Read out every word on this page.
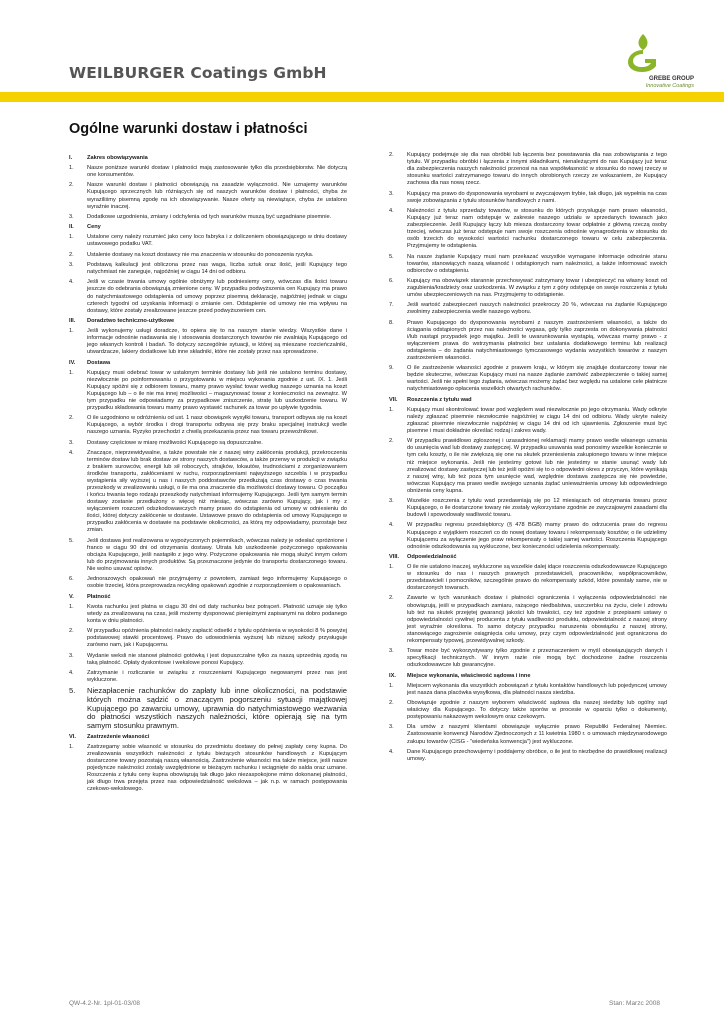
WEILBURGER Coatings GmbH	GREBE GROUP
Innovative Coatings
Ogólne warunki dostaw i płatności
I.	Zakres obowiązywania
1.	Nasze poniższe warunki dostaw i płatności mają zastosowanie tylko dla przedsiębiorstw. Nie dotyczą one konsumentów.
2.	Nasze warunki dostaw i płatności obowiązują na zasadzie wyłączności. Nie uznajemy warunków Kupującego sprzecznych lub różniących się od naszych warunków dostaw i płatności, chyba że wyraziliśmy pisemną zgodę na ich obowiązywanie. Nasze oferty są niewiążące, chyba że ustalono wyraźnie inaczej.
3.	Dodatkowe uzgodnienia, zmiany i odchylenia od tych warunków muszą być uzgadniane pisemnie.
II.	Ceny
1.	Ustalone ceny należy rozumieć jako ceny loco fabryka i z doliczeniem obowiązującego w dniu dostawy ustawowego podatku VAT.
2.	Ustalenie dostawy na koszt dostawcy nie ma znaczenia w stosunku do ponoszenia ryzyka.
3.	Podstawą kalkulacji jest obliczona przez nas waga, liczba sztuk oraz ilość, jeśli Kupujący tego natychmiast nie zaneguje, najpóźniej w ciągu 14 dni od odbioru.
4.	Jeśli w czasie trwania umowy ogólnie obniżymy lub podniesiemy ceny, wówczas dla ilości towaru jeszcze do odebrania obowiązują zmienione ceny. W przypadku podwyższenia cen Kupujący ma prawo do natychmiastowego odstąpienia od umowy poprzez pisemną deklarację, najpóźniej jednak w ciągu czterech tygodni od uzyskania informacji o zmianie cen. Odstąpienie od umowy nie ma wpływu na dostawy, które zostały zrealizowane jeszcze przed podwyższeniem cen.
III.	Doradztwo techniczno-użytkowe
1.	Jeśli wykonujemy usługi doradcze, to opiera się to na naszym stanie wiedzy. Wszystkie dane i informacje odnośnie nadawania się i stosowania dostarczonych towarów nie zwalniają Kupującego od jego własnych kontroli i badań. To dotyczy szczególnie sytuacji, w której są mieszane rozcieńczalniki, utwardzacze, lakiery dodatkowe lub inne składniki, które nie zostały przez nas sprowadzone.
IV.	Dostawa
1.	Kupujący musi odebrać towar w ustalonym terminie dostawy lub jeśli nie ustalono terminu dostawy, niezwłocznie po poinformowaniu o przygotowaniu w miejscu wykonania zgodnie z ust. IX. 1. Jeśli Kupujący spóźni się z odbiorem towaru, mamy prawo wysłać towar według naszego uznania na koszt Kupującego lub – o ile nie ma innej możliwości – magazynować towar z konieczności na zewnątrz. W tym przypadku nie odpowiadamy za przypadkowe zniszczenie, stratę lub uszkodzenie towaru. W przypadku składowania towaru mamy prawo wystawić rachunek za towar po upływie tygodnia.
2.	O ile uzgodniono w odróżnieniu od ust. 1 nasz obowiązek wysyłki towaru, transport odbywa się na koszt Kupującego, a wybór środka i drogi transportu odbywa się przy braku specjalnej instrukcji wedle naszego uznania. Ryzyko przechodzi z chwilą przekazania przez nas towaru przewoźnikowi.
3.	Dostawy częściowe w miarę możliwości Kupującego są dopuszczalne.
4.	Znaczące, nieprzewidywalne, a także powstałe nie z naszej winy zakłócenia produkcji, przekroczenia terminów dostaw lub brak dostaw ze strony naszych dostawców, a także przerwy w produkcji w związku z brakiem surowców, energii lub sił roboczych, strajków, lokautów, trudnościami z zorganizowaniem środków transportu, zakłóceniami w ruchu, rozporządzeniami najwyższego szczebla i w przypadku wystąpienia siły wyższej u nas i naszych poddostawców przedłużają czas dostawy o czas trwania przeszkody w zrealizowaniu usługi, o ile ma ona znaczenie dla możliwości dostawy towaru. O początku i końcu trwania tego rodzaju przeszkody natychmiast informujemy Kupującego. Jeśli tym samym termin dostawy zostanie przedłużony o więcej niż miesiąc, wówczas zarówno Kupujący, jak i my z wyłączeniem roszczeń odszkodowawczych mamy prawo do odstąpienia od umowy w odniesieniu do ilości, której dotyczy zakłócenie w dostawie. Ustawowe prawo do odstąpienia od umowy Kupującego w przypadku zakłócenia w dostawie na podstawie okoliczności, za którą my odpowiadamy, pozostaje bez zmian.
5.	Jeśli dostawa jest realizowana w wypożyczonych pojemnikach, wówczas należy je odesłać opróżnione i franco w ciągu 90 dni od otrzymania dostawy. Utrata lub uszkodzenie pożyczonego opakowania obciąża Kupującego, jeśli nastąpiło z jego winy. Pożyczone opakowania nie mogą służyć innym celom lub do przyjmowania innych produktów. Są przeznaczone jedynie do transportu dostarczonego towaru. Nie wolno usuwać opisów.
6.	Jednorazowych opakowań nie przyjmujemy z powrotem, zamiast tego informujemy Kupującego o osobie trzeciej, która przeprowadza recykling opakowań zgodnie z rozporządzeniem o opakowaniach.
V.	Płatność
1.	Kwota rachunku jest płatna w ciągu 30 dni od daty rachunku bez potrąceń. Płatność uznaje się tylko wtedy za zrealizowaną na czas, jeśli możemy dysponować pieniężnymi zapisanymi na dobro podanego konta w dniu płatności.
2.	W przypadku opóźnienia płatności należy zapłacić odsetki z tytułu opóźnienia w wysokości 8 % powyżej podstawowej stawki procentowej. Prawo do udowodnienia wyższej lub niższej szkody przysługuje zarówno nam, jak i Kupującemu.
3.	Wydanie weksli nie stanowi płatności gotówką i jest dopuszczalne tylko za naszą uprzednią zgodą na taką płatność. Opłaty dyskontowe i wekslowe ponosi Kupujący.
4.	Zatrzymanie i rozliczanie w związku z roszczeniami Kupującego negowanymi przez nas jest wykluczone.
5.	Niezapłacenie rachunków do zapłaty lub inne okoliczności, na podstawie których można sądzić o znaczącym pogorszeniu sytuacji majątkowej Kupującego po zawarciu umowy, uprawnia do natychmiastowego wezwania do płatności wszystkich naszych należności, które opierają się na tym samym stosunku prawnym.
VI.	Zastrzeżenie własności
1.	Zastrzegamy sobie własność w stosunku do przedmiotu dostawy do pełnej zapłaty ceny kupna. Do zrealizowania wszystkich należności z tytułu bieżących stosunków handlowych z Kupującym dostarczone towary pozostają naszą własnością. Zastrzeżenie własności ma także miejsce, jeśli nasze pojedyncze należności zostały uwzględnione w bieżącym rachunku i wciągnięte do salda oraz uznane. Roszczenia z tytułu ceny kupna obowiązują tak długo jako niezaspokojone mimo dokonanej płatności, jak długo trwa przejęta przez nas odpowiedzialność wekslowa – jak n.p. w ramach postępowania czekowo-wekslowego.
2.	Kupujący podejmuje się dla nas obróbki lub łączenia bez powstawania dla nas zobowiązania z tego tytułu. W przypadku obróbki i łączenia z innymi składnikami, nienależącymi do nas Kupujący już teraz dla zabezpieczenia naszych należności przenosi na nas współwłasność w stosunku do nowej rzeczy w stosunku wartości zatrzymanego towaru do innych obrobionych rzeczy ze wskazaniem, że Kupujący zachowa dla nas nową rzecz.
3.	Kupujący ma prawo do dysponowania wyrobami w zwyczajowym trybie, tak długo, jak wypełnia na czas swoje zobowiązania z tytułu stosunków handlowych z nami.
4.	Należności z tytułu sprzedaży towarów, w stosunku do których przysługuje nam prawo własności, Kupujący już teraz nam odstępuje w zakresie naszego udziału w sprzedanych towarach jako zabezpieczenie. Jeśli Kupujący łączy lub miesza dostarczony towar odpłatnie z główną rzeczą osoby trzeciej, wówczas już teraz odstępuje nam swoje roszczenia odnośnie wynagrodzenia w stosunku do osób trzecich do wysokości wartości rachunku dostarczonego towaru w celu zabezpieczenia. Przyjmujemy te odstąpienia.
5.	Na nasze żądanie Kupujący musi nam przekazać wszystkie wymagane informacje odnośnie stanu towarów, stanowiących naszą własność i odstąpionych nam należności, a także informować swoich odbiorców o odstąpieniu.
6.	Kupujący ma obowiązek starannie przechowywać zatrzymany towar i ubezpieczyć na własny koszt od zagubienia/kradzieży oraz uszkodzenia. W związku z tym z góry odstępuje on swoje roszczenia z tytułu umów ubezpieczeniowych na nas. Przyjmujemy to odstąpienie.
7.	Jeśli wartość zabezpieczeń naszych należności przekroczy 20 %, wówczas na żądanie Kupującego zwolnimy zabezpieczenia wedle naszego wyboru.
8.	Prawo Kupującego do dysponowania wyrobami z naszym zastrzeżeniem własności, a także do ściągania odstąpionych przez nas należności wygasa, gdy tylko zaprzesta on dokonywania płatności i/lub nastąpi przypadek jego majątku. Jeśli te uwarunkowania wystąpią, wówczas mamy prawo - z wyłączeniem prawa do wstrzymania płatności bez ustalania dodatkowego terminu lub realizacji odstąpienia – do żądania natychmiastowego tymczasowego wydania wszystkich towarów z naszym zastrzeżeniem własności.
9.	O ile zastrzeżenie własności zgodnie z prawem kraju, w którym się znajduje dostarczony towar nie będzie skuteczne, wówczas Kupujący musi na nasze żądanie zamówić zabezpieczenie o takiej samej wartości. Jeśli nie spełni tego żądania, wówczas możemy żądać bez względu na ustalone cele płatnicze natychmiastowego opłacenia wszelkich otwartych rachunków.
VII.	Roszczenia z tytułu wad
1.	Kupujący musi skontrolować towar pod względem wad niezwłocznie po jego otrzymaniu. Wady odkryte należy zgłaszać pisemnie niezwłocznie najpóźniej w ciągu 14 dni od odbioru. Wady ukryte należy zgłaszać pisemnie niezwłocznie najpóźniej w ciągu 14 dni od ich ujawnienia. Zgłoszenie musi być pisemne i musi dokładnie określać rodzaj i zakres wady.
2.	W przypadku prawidłowo zgłoszonej i uzasadnionej reklamacji mamy prawo wedle własnego uznania do usunięcia wad lub dostawy zastępczej. W przypadku usuwania wad ponosimy wszelkie koniecznie w tym celu koszty, o ile nie zwiększą się one na skutek przeniesienia zakupionego towaru w inne miejsce niż miejsce wykonania. Jeśli nie jesteśmy gotowi lub nie jesteśmy w stanie usunąć wady lub zrealizować dostawy zastępczej lub też jeśli opóźni się to o odpowiedni okres z przyczyn, które wynikają z naszej winy, lub też poza tym usunięcie wad, względnie dostawa zastępcza się nie powiedzie, wówczas Kupujący ma prawo wedle swojego uznania żądać unieważnienia umowy lub odpowiedniego obniżenia ceny kupna.
3.	Wszelkie roszczenia z tytułu wad przedawniają się po 12 miesiącach od otrzymania towaru przez Kupującego, o ile dostarczone towary nie zostały wykorzystane zgodnie ze zwyczajowymi zasadami dla budowli i spowodowały wadliwość towaru.
4.	W przypadku regresu przedsiębiorcy (§ 478 BGB) mamy prawo do odrzucenia praw do regresu Kupującego z wyjątkiem roszczeń co do nowej dostawy towaru i rekompensaty kosztów; o ile udzielimy Kupującemu za wyłączenie jego praw rekompensaty o takiej samej wartości. Roszczenia Kupującego odnośnie odszkodowania są wykluczone, bez konieczności udzielenia rekompensaty.
VIII.	Odpowiedzialność
1.	O ile nie ustalono inaczej, wykluczone są wszelkie dalej idące roszczenia odszkodowawcze Kupującego w stosunku do nas i naszych prawnych przedstawicieli, pracowników, współpracowników, przedstawicieli i pomocników, szczególnie prawo do rekompensaty szkód, które powstały same, nie w dostarczonych towarach.
2.	Zawarte w tych warunkach dostaw i płatności ograniczenia i wyłączenia odpowiedzialności nie obowiązują, jeśli w przypadkach zamiaru, rażącego niedbalstwa, uszczerbku na życiu, ciele i zdrowiu lub też na skutek przejętej gwarancji jakości lub trwałości, czy też zgodnie z przepisami ustawy o odpowiedzialności cywilnej producenta z tytułu wadliwości produktu, odpowiedzialność z naszej strony jest wyraźnie określona. To samo dotyczy przypadku naruszenia obowiązku z naszej strony, stanowiącego zagrożenie osiągnięcia celu umowy, przy czym odpowiedzialność jest ograniczona do rekompensaty typowej, przewidywalnej szkody.
3.	Towar może być wykorzystywany tylko zgodnie z przeznaczeniem w myśl obowiązujących danych i specyfikacji technicznych. W innym razie nie mogą być dochodzone żadne roszczenia odszkodowawcze lub gwarancyjne.
IX.	Miejsce wykonania, właściwość sądowa i inne
1.	Miejscem wykonania dla wszystkich zobowiązań z tytułu kontaktów handlowych lub pojedynczej umowy jest nasza dana placówka wysyłkowa, dla płatności nasza siedziba.
2.	Obowiązuje zgodnie z naszym wyborem właściwość sądowa dla naszej siedziby lub ogólny sąd właściwy dla Kupującego. To dotyczy także sporów w procesie w oparciu tylko o dokumenty, postępowaniu nakazowym wekslowym oraz czekowym.
3.	Dla umów z naszymi klientami obowiązuje wyłącznie prawo Republiki Federalnej Niemiec. Zastosowanie konwencji Narodów Zjednoczonych z 11 kwietnia 1980 r. o umowach międzynarodowego zakupu towarów (CISG - "wiedeńska konwencja") jest wykluczone.
4.	Dane Kupującego przechowujemy i poddajemy obróbce, o ile jest to niezbędne do prawidłowej realizacji umowy.
QW-4.2-Nr. 1pl-01-03/08	Stan: Marzc 2008
